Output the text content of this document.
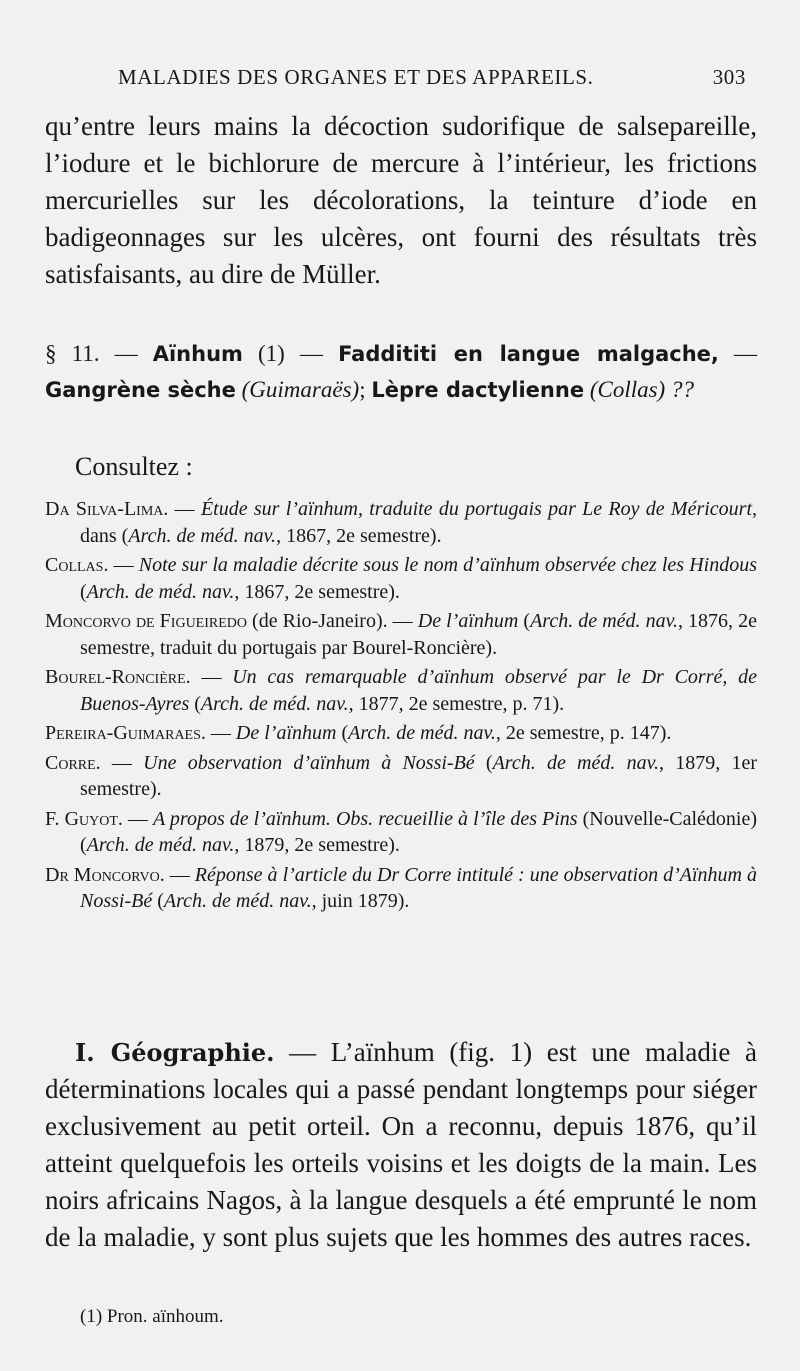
MALADIES DES ORGANES ET DES APPAREILS.	303

qu’entre leurs mains la décoction sudorifique de salsepareille, l’iodure et le bichlorure de mercure à l’intérieur, les frictions mercurielles sur les décolorations, la teinture d’iode en badigeonnages sur les ulcères, ont fourni des résultats très satisfaisants, au dire de Müller.

§ 11. — Aïnhum (1) — Faddititi en langue malgache, — Gangrène sèche (Guimaraës); Lèpre dactylienne (Collas) ??

Consultez :

Da Silva-Lima. — Étude sur l’aïnhum, traduite du portugais par Le Roy de Méricourt, dans (Arch. de méd. nav., 1867, 2e semestre).
Collas. — Note sur la maladie décrite sous le nom d’aïnhum observée chez les Hindous (Arch. de méd. nav., 1867, 2e semestre).
Moncorvo de Figueiredo (de Rio-Janeiro). — De l’aïnhum (Arch. de méd. nav., 1876, 2e semestre, traduit du portugais par Bourel-Roncière).
Bourel-Roncière. — Un cas remarquable d’aïnhum observé par le Dr Corré, de Buenos-Ayres (Arch. de méd. nav., 1877, 2e semestre, p. 71).
Pereira-Guimaraes. — De l’aïnhum (Arch. de méd. nav., 2e semestre, p. 147).
Corre. — Une observation d’aïnhum à Nossi-Bé (Arch. de méd. nav., 1879, 1er semestre).
F. Guyot. — A propos de l’aïnhum. Obs. recueillie à l’île des Pins (Nouvelle-Calédonie) (Arch. de méd. nav., 1879, 2e semestre).
Dr Moncorvo. — Réponse à l’article du Dr Corre intitulé : une observation d’Aïnhum à Nossi-Bé (Arch. de méd. nav., juin 1879).

I. Géographie. — L’aïnhum (fig. 1) est une maladie à déterminations locales qui a passé pendant longtemps pour siéger exclusivement au petit orteil. On a reconnu, depuis 1876, qu’il atteint quelquefois les orteils voisins et les doigts de la main. Les noirs africains Nagos, à la langue desquels a été emprunté le nom de la maladie, y sont plus sujets que les hommes des autres races.

(1) Pron. aïnhoum.
